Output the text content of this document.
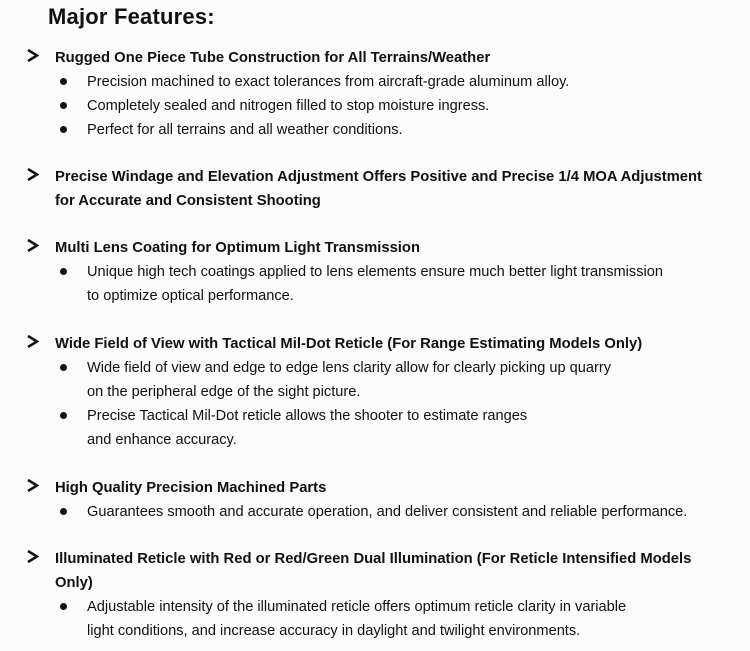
Major Features:
Rugged One Piece Tube Construction for All Terrains/Weather
Precision machined to exact tolerances from aircraft-grade aluminum alloy.
Completely sealed and nitrogen filled to stop moisture ingress.
Perfect for all terrains and all weather conditions.
Precise Windage and Elevation Adjustment Offers Positive and Precise 1/4 MOA Adjustment
for Accurate and Consistent Shooting
Multi Lens Coating for Optimum Light Transmission
Unique high tech coatings applied to lens elements ensure much better light transmission
to optimize optical performance.
Wide Field of View with Tactical Mil-Dot Reticle (For Range Estimating Models Only)
Wide field of view and edge to edge lens clarity allow for clearly picking up quarry
on the peripheral edge of the sight picture.
Precise Tactical Mil-Dot reticle allows the shooter to estimate ranges
and enhance accuracy.
High Quality Precision Machined Parts
Guarantees smooth and accurate operation, and deliver consistent and reliable performance.
Illuminated Reticle with Red or Red/Green Dual Illumination (For Reticle Intensified Models
Only)
Adjustable intensity of the illuminated reticle offers optimum reticle clarity in variable
light conditions, and increase accuracy in daylight and twilight environments.
